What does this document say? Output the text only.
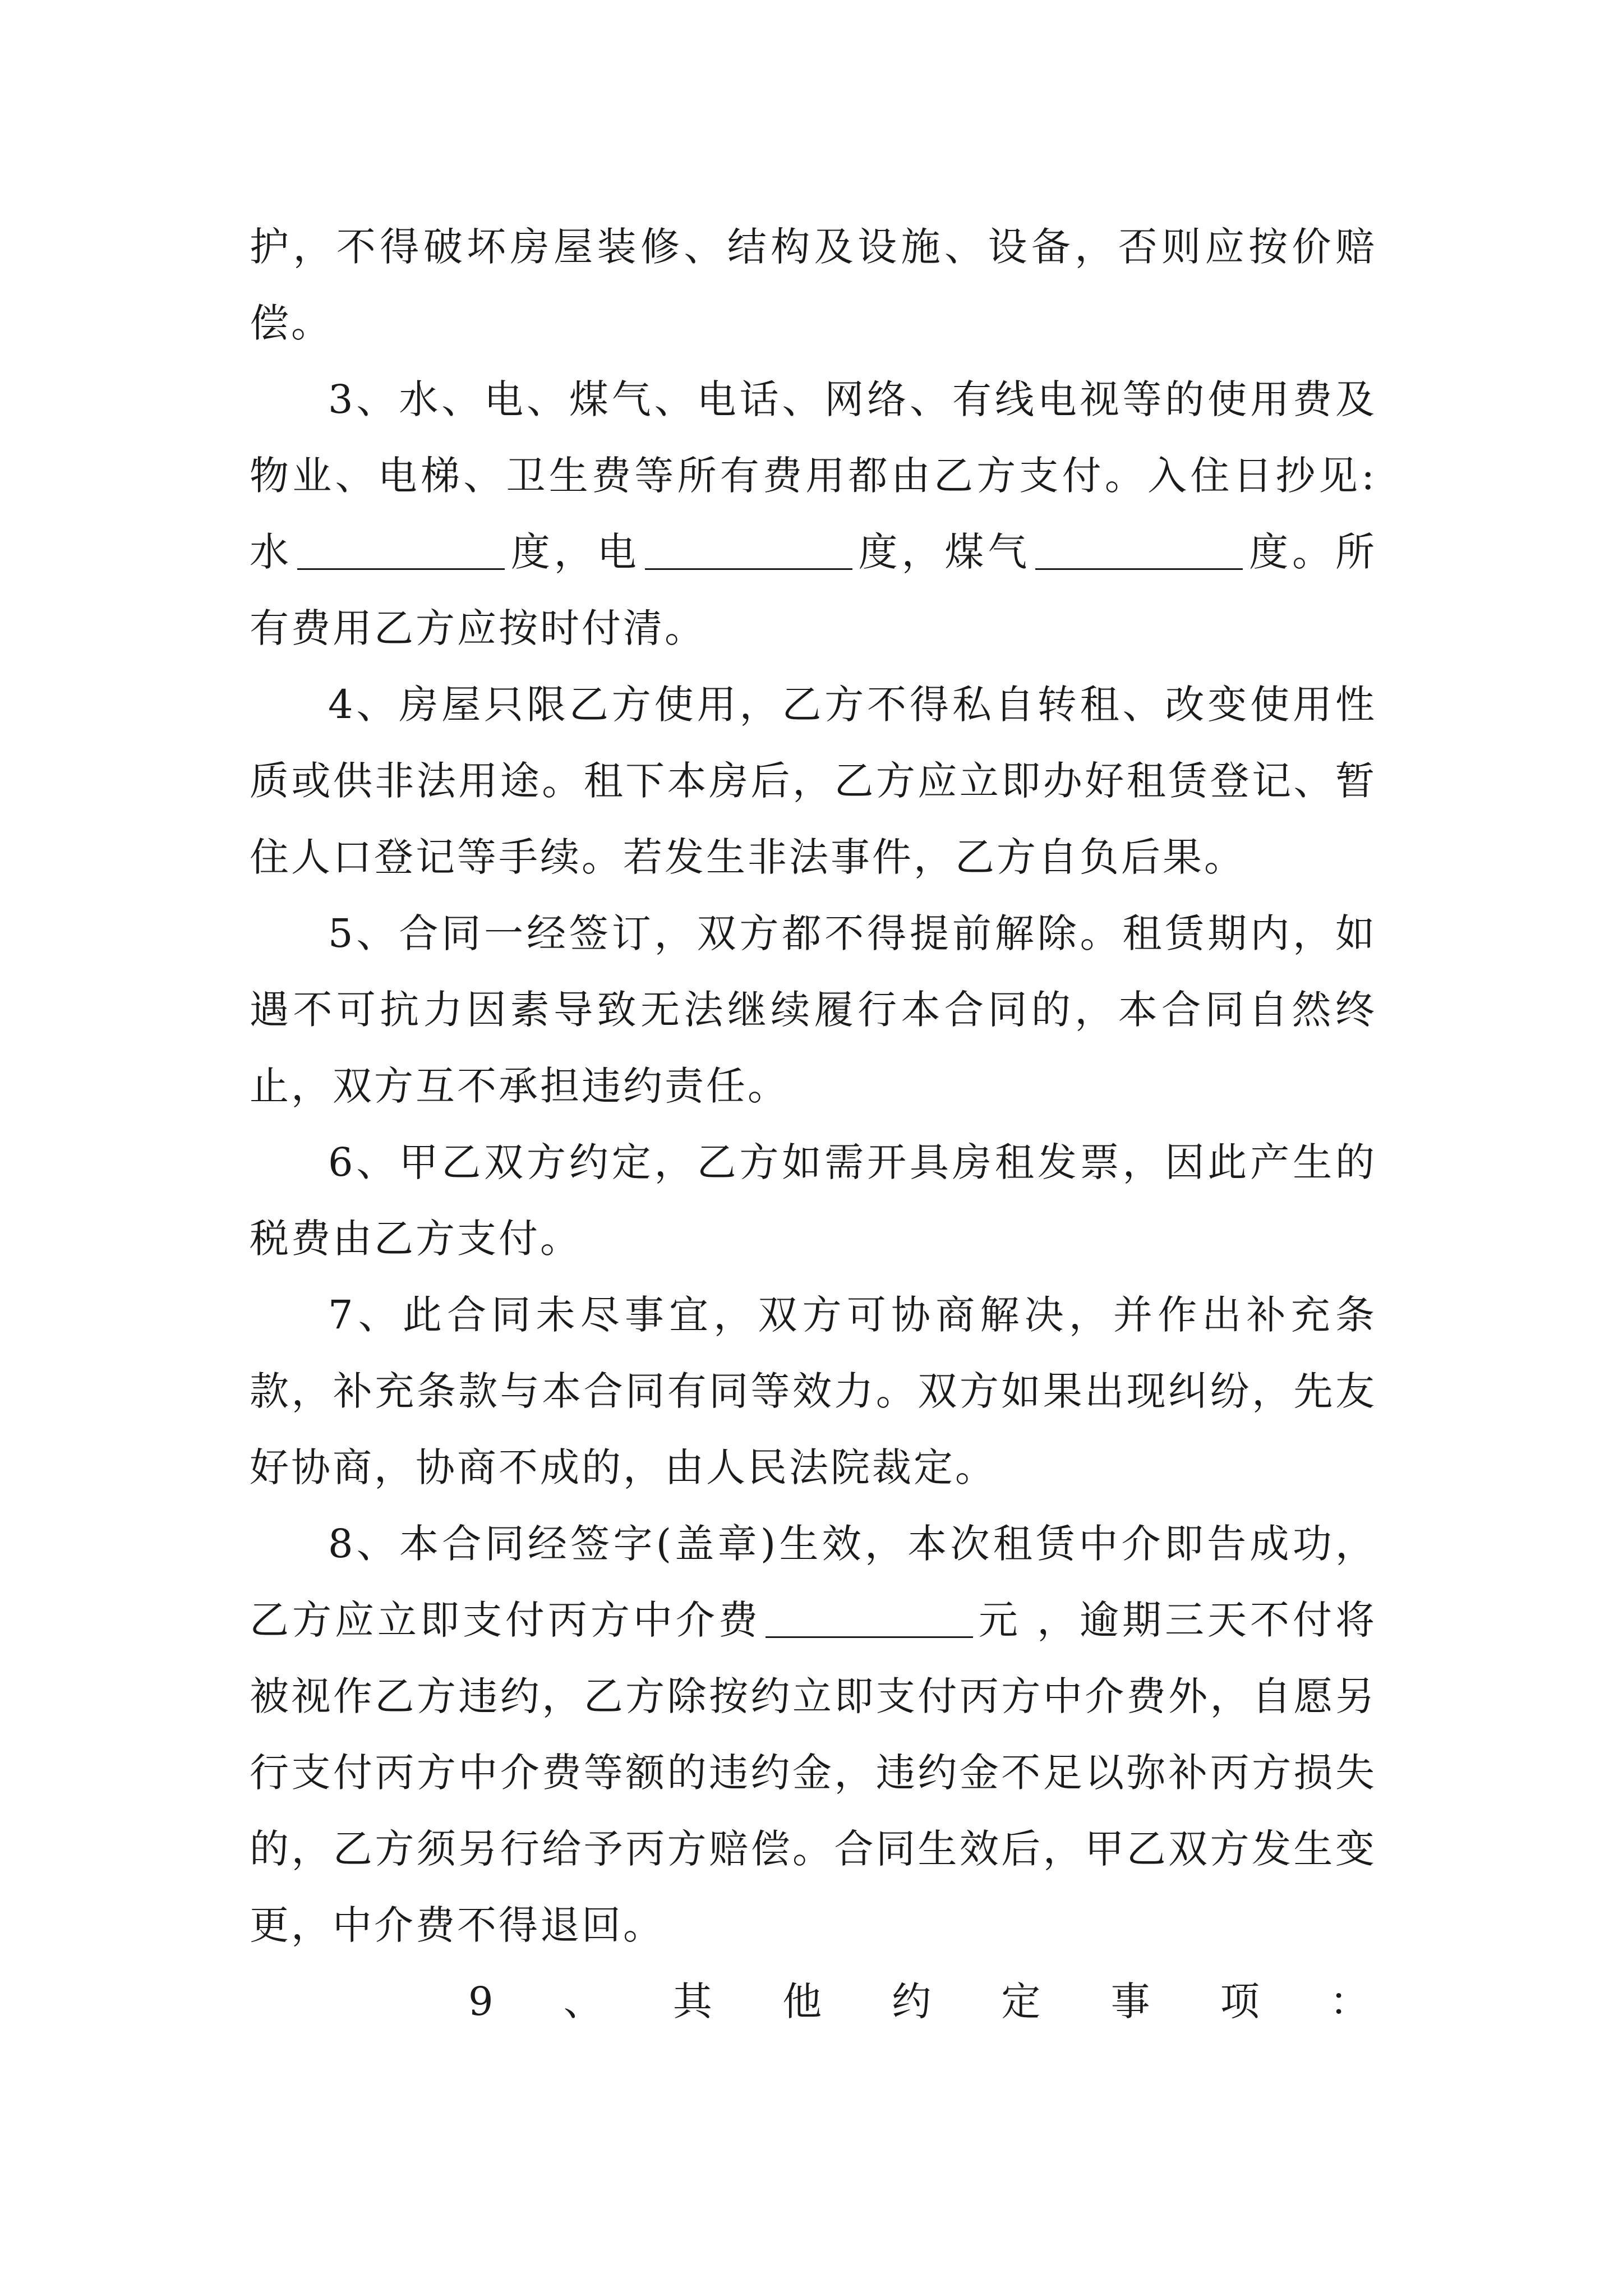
护，不得破坏房屋装修、结构及设施、设备，否则应按价赔偿。

3、水、电、煤气、电话、网络、有线电视等的使用费及物业、电梯、卫生费等所有费用都由乙方支付。入住日抄见: 水	度，电	度，煤气	度。所有费用乙方应按时付清。

4、房屋只限乙方使用，乙方不得私自转租、改变使用性质或供非法用途。租下本房后，乙方应立即办好租赁登记、暂住人口登记等手续。若发生非法事件，乙方自负后果。

5、合同一经签订，双方都不得提前解除。租赁期内，如遇不可抗力因素导致无法继续履行本合同的，本合同自然终止，双方互不承担违约责任。

6、甲乙双方约定，乙方如需开具房租发票，因此产生的税费由乙方支付。

7、此合同未尽事宜，双方可协商解决，并作出补充条款，补充条款与本合同有同等效力。双方如果出现纠纷，先友好协商，协商不成的，由人民法院裁定。

8、本合同经签字(盖章)生效，本次租赁中介即告成功，乙方应立即支付丙方中介费	元 ，逾期三天不付将被视作乙方违约，乙方除按约立即支付丙方中介费外，自愿另行支付丙方中介费等额的违约金，违约金不足以弥补丙方损失的，乙方须另行给予丙方赔偿。合同生效后，甲乙双方发生变更，中介费不得退回。

9 、 其 他 约 定 事 项 ：
